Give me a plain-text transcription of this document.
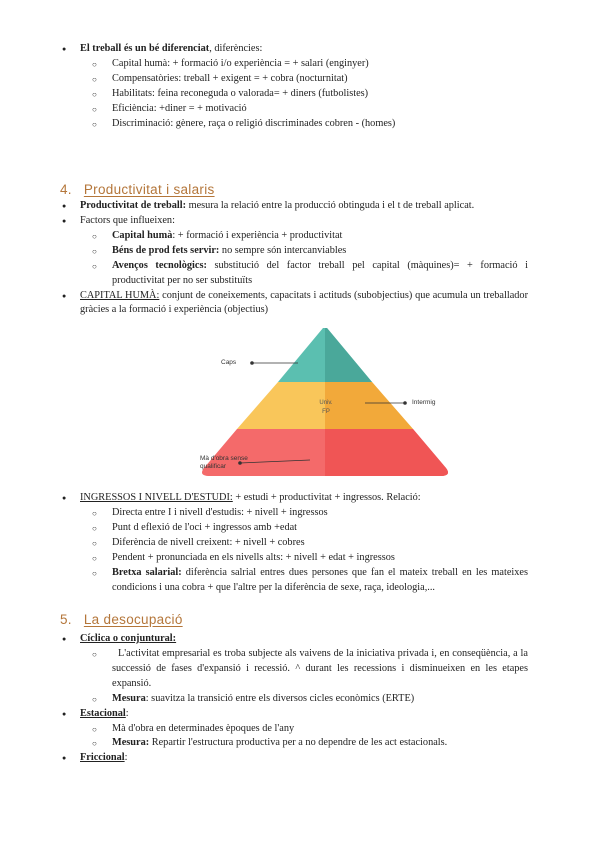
● El treball és un bé diferenciat, diferències:
○ Capital humà: + formació i/o experiència = + salari (enginyer)
○ Compensatòries: treball + exigent = + cobra (nocturnitat)
○ Habilitats: feina reconeguda o valorada= + diners (futbolistes)
○ Eficiència: +diner = + motivació
○ Discriminació: gènere, raça o religió discriminades cobren - (homes)
4. Productivitat i salaris
● Productivitat de treball: mesura la relació entre la producció obtinguda i el t de treball aplicat.
● Factors que influeixen:
○ Capital humà: + formació i experiència + productivitat
○ Béns de prod fets servir: no sempre són intercanviables
○ Avenços tecnològics: substitució del factor treball pel capital (màquines)= + formació i productivitat per no ser substituïts
● CAPITAL HUMÀ: conjunt de coneixements, capacitats i actituds (subobjectius) que acumula un treballador gràcies a la formació i experiència (objectius)
Caps
Univ.
FP
Intermig
Mà d'obra sense
qualificar
● INGRESSOS I NIVELL D'ESTUDI: + estudi + productivitat + ingressos. Relació:
○ Directa entre I i nivell d'estudis: + nivell + ingressos
○ Punt d eflexió de l'oci + ingressos amb +edat
○ Diferència de nivell creixent: + nivell + cobres
○ Pendent + pronunciada en els nivells alts: + nivell + edat + ingressos
○ Bretxa salarial: diferència salrial entres dues persones que fan el mateix treball en les mateixes condicions i una cobra + que l'altre per la diferència de sexe, raça, ideologia,...
5. La desocupació
● Cíclica o conjuntural:
○ L'activitat empresarial es troba subjecte als vaivens de la iniciativa privada i, en conseqüència, a la successió de fases d'expansió i recessió. ^ durant les recessions i disminueixen en les etapes expansió.
○ Mesura: suavitza la transició entre els diversos cicles econòmics (ERTE)
● Estacional:
○ Mà d'obra en determinades èpoques de l'any
○ Mesura: Repartir l'estructura productiva per a no dependre de les act estacionals.
● Friccional:
